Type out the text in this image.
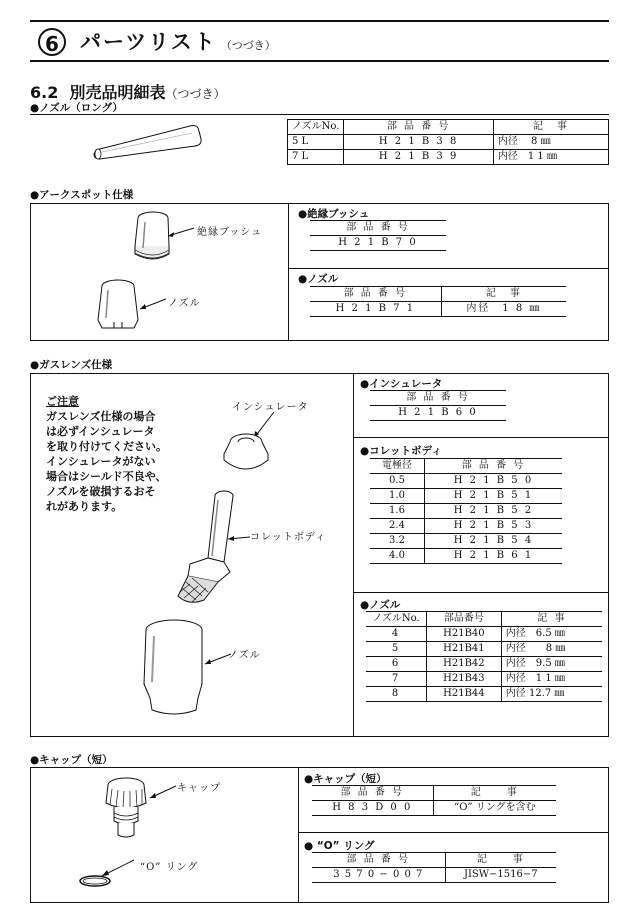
6 パーツリスト （つづき）
6.2 別売品明細表（つづき）
●ノズル（ロング）
ノズルNo.	部 品 番 号	記　事
5 L	H 2 1 B 3 8	内径　 8 ㎜
7 L	H 2 1 B 3 9	内径　1 1 ㎜
●アークスポット仕様
絶縁ブッシュ
ノズル
●絶縁ブッシュ
部 品 番 号
H 2 1 B 7 0
●ノズル
部 品 番 号	記　事
H 2 1 B 7 1	内径　1 8 ㎜
●ガスレンズ仕様
ご注意
ガスレンズ仕様の場合
は必ずインシュレータ
を取り付けてください。
インシュレータがない
場合はシールド不良や、
ノズルを破損するおそ
れがあります。
インシュレータ
コレットボディ
ノズル
●インシュレータ
部 品 番 号
H 2 1 B 6 0
●コレットボディ
電極径	部 品 番 号
0.5	H 2 1 B 5 0
1.0	H 2 1 B 5 1
1.6	H 2 1 B 5 2
2.4	H 2 1 B 5 3
3.2	H 2 1 B 5 4
4.0	H 2 1 B 6 1
●ノズル
ノズルNo.	部品番号	記 事
4	H21B40	内径　6.5 ㎜
5	H21B41	内径　　8 ㎜
6	H21B42	内径　9.5 ㎜
7	H21B43	内径　1 1 ㎜
8	H21B44	内径 12.7 ㎜
●キャップ（短）
キャップ
“O” リング
●キャップ（短）
部 品 番 号	記　　事
H 8 3 D 0 0	“O” リングを含む
● “O” リング
部 品 番 号	記　　事
3 5 7 0 − 0 0 7	JISW−1516−7
